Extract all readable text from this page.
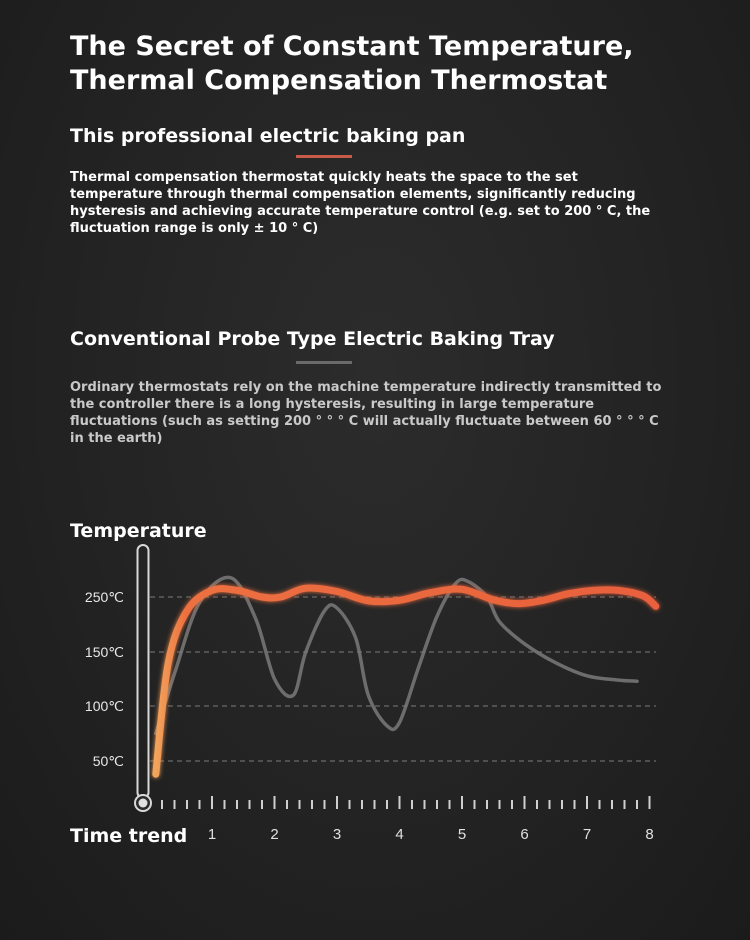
The Secret of Constant Temperature,
Thermal Compensation Thermostat
This professional electric baking pan

Thermal compensation thermostat quickly heats the space to the set temperature through thermal compensation elements, significantly reducing hysteresis and achieving accurate temperature control (e.g. set to 200 ° C, the fluctuation range is only ± 10 ° C)

Conventional Probe Type Electric Baking Tray

Ordinary thermostats rely on the machine temperature indirectly transmitted to the controller there is a long hysteresis, resulting in large temperature fluctuations (such as setting 200 ° ° ° C will actually fluctuate between 60 ° ° ° C in the earth)

Temperature
250℃
150℃
100℃
50℃
1	2	3	4	5	6	7	8
Time trend
